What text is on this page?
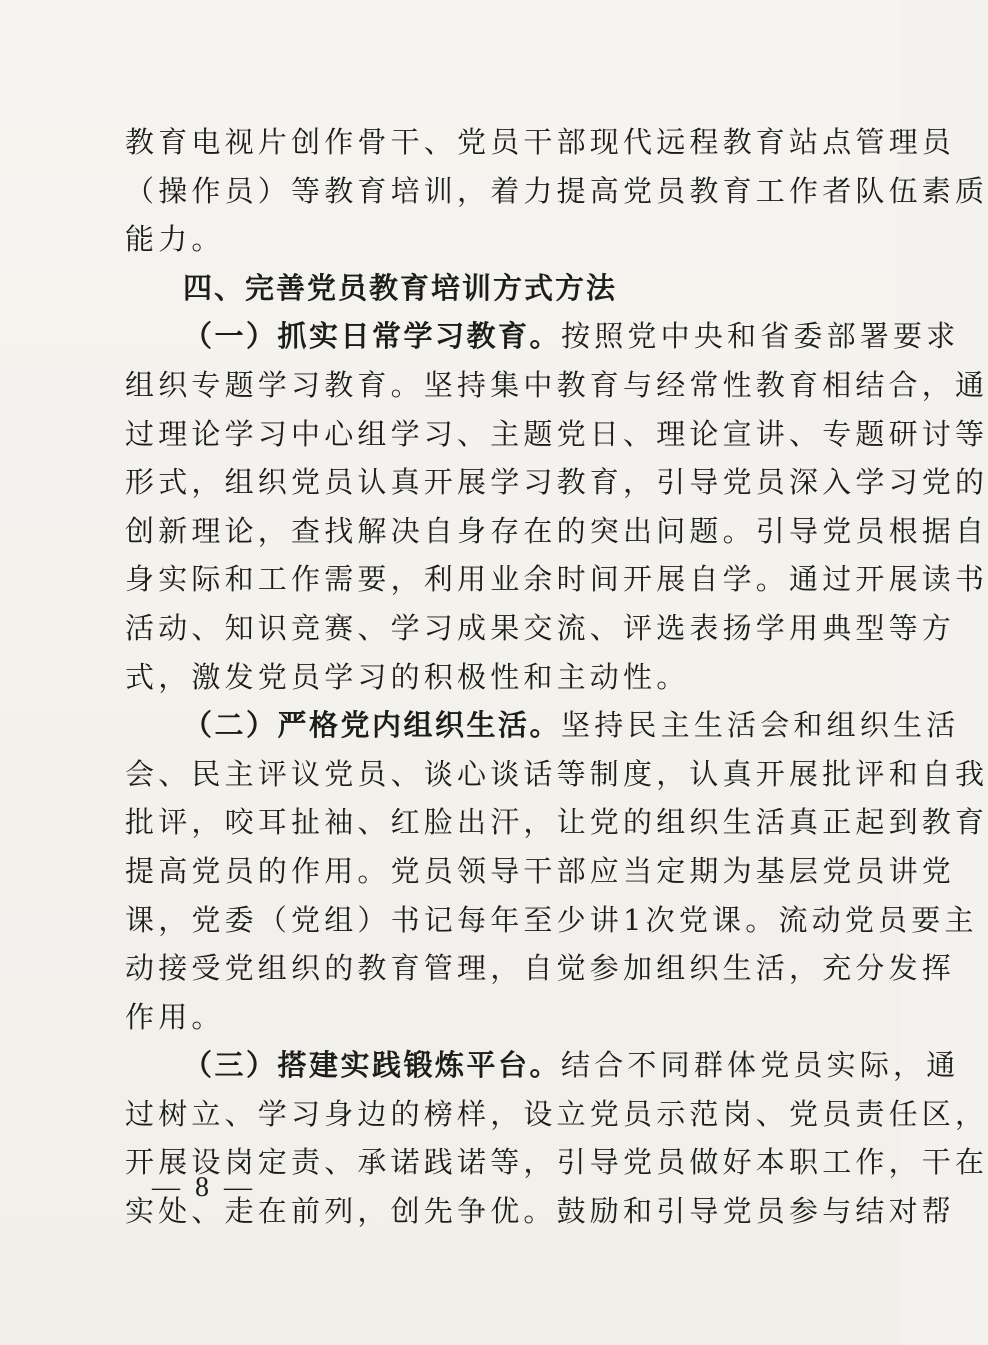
教育电视片创作骨干、党员干部现代远程教育站点管理员
（操作员）等教育培训，着力提高党员教育工作者队伍素质
能力。
四、完善党员教育培训方式方法
（一）抓实日常学习教育。按照党中央和省委部署要求
组织专题学习教育。坚持集中教育与经常性教育相结合，通
过理论学习中心组学习、主题党日、理论宣讲、专题研讨等
形式，组织党员认真开展学习教育，引导党员深入学习党的
创新理论，查找解决自身存在的突出问题。引导党员根据自
身实际和工作需要，利用业余时间开展自学。通过开展读书
活动、知识竞赛、学习成果交流、评选表扬学用典型等方
式，激发党员学习的积极性和主动性。
（二）严格党内组织生活。坚持民主生活会和组织生活
会、民主评议党员、谈心谈话等制度，认真开展批评和自我
批评，咬耳扯袖、红脸出汗，让党的组织生活真正起到教育
提高党员的作用。党员领导干部应当定期为基层党员讲党
课，党委（党组）书记每年至少讲1次党课。流动党员要主
动接受党组织的教育管理，自觉参加组织生活，充分发挥
作用。
（三）搭建实践锻炼平台。结合不同群体党员实际，通
过树立、学习身边的榜样，设立党员示范岗、党员责任区，
开展设岗定责、承诺践诺等，引导党员做好本职工作，干在
实处、走在前列，创先争优。鼓励和引导党员参与结对帮
— 8 —
